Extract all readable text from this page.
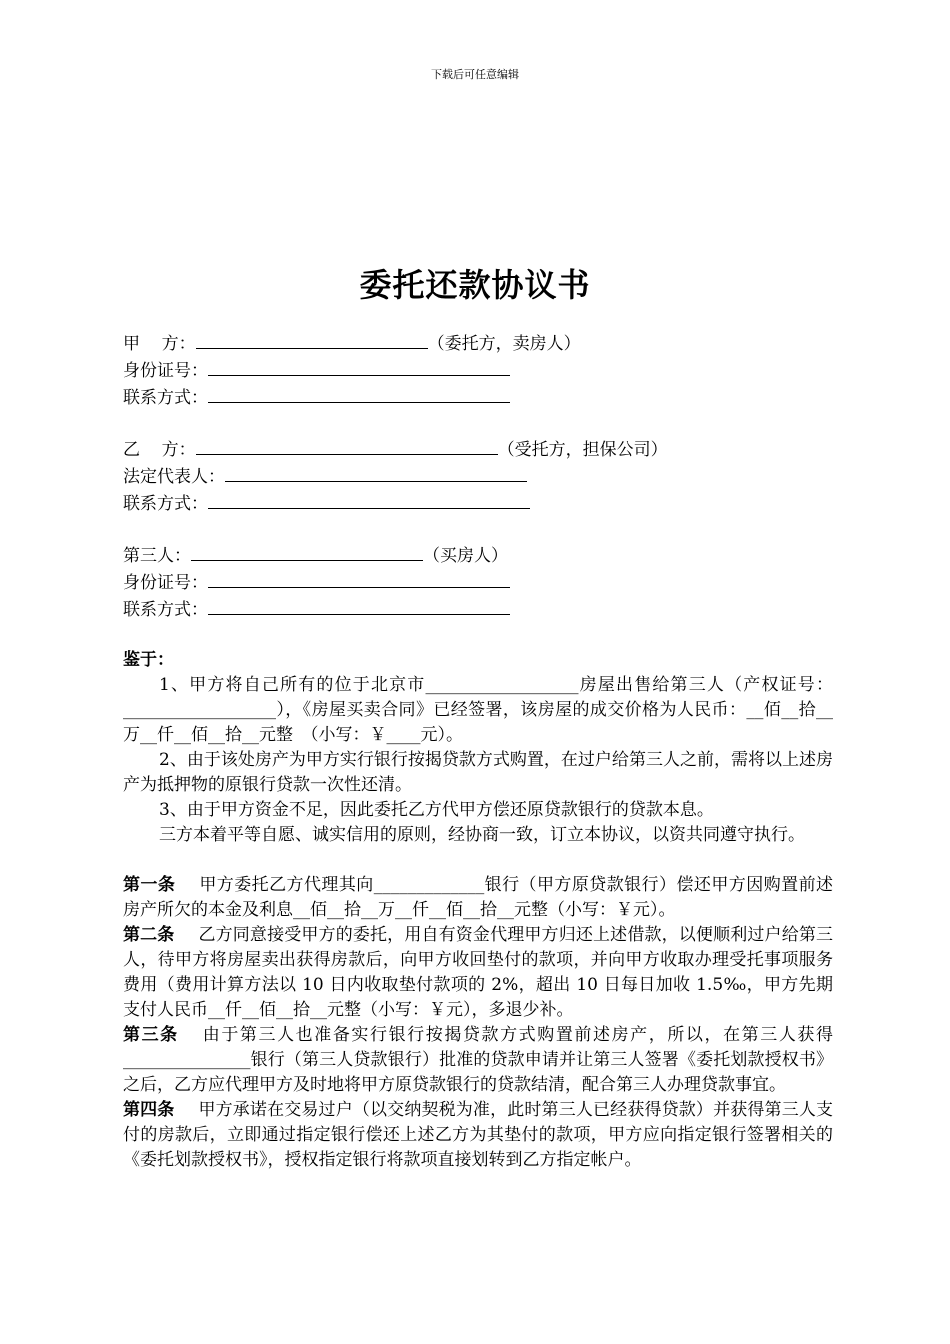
下载后可任意编辑
委托还款协议书
甲    方：	（委托方，卖房人）
身份证号：
联系方式：
乙    方：	（受托方，担保公司）
法定代表人：
联系方式：
第三人：	（买房人）
身份证号：
联系方式：
鉴于：

1、甲方将自己所有的位于北京市__________________房屋出售给第三人（产权证号：__________________），《房屋买卖合同》已经签署，该房屋的成交价格为人民币：__佰__拾__万__仟__佰__拾__元整　（小写：￥____元）。

2、由于该处房产为甲方实行银行按揭贷款方式购置，在过户给第三人之前，需将以上述房产为抵押物的原银行贷款一次性还清。

3、由于甲方资金不足，因此委托乙方代甲方偿还原贷款银行的贷款本息。

三方本着平等自愿、诚实信用的原则，经协商一致，订立本协议，以资共同遵守执行。

第一条 甲方委托乙方代理其向_____________银行（甲方原贷款银行）偿还甲方因购置前述房产所欠的本金及利息__佰__拾__万__仟__佰__拾__元整（小写：￥元）。

第二条 乙方同意接受甲方的委托，用自有资金代理甲方归还上述借款，以便顺利过户给第三人，待甲方将房屋卖出获得房款后，向甲方收回垫付的款项，并向甲方收取办理受托事项服务费用（费用计算方法以 10 日内收取垫付款项的 2%，超出 10 日每日加收 1.5‰，甲方先期支付人民币__仟__佰__拾__元整（小写：￥元），多退少补。

第三条 由于第三人也准备实行银行按揭贷款方式购置前述房产，所以，在第三人获得_______________银行（第三人贷款银行）批准的贷款申请并让第三人签署《委托划款授权书》之后，乙方应代理甲方及时地将甲方原贷款银行的贷款结清，配合第三人办理贷款事宜。

第四条 甲方承诺在交易过户（以交纳契税为准，此时第三人已经获得贷款）并获得第三人支付的房款后，立即通过指定银行偿还上述乙方为其垫付的款项，甲方应向指定银行签署相关的《委托划款授权书》，授权指定银行将款项直接划转到乙方指定帐户。
